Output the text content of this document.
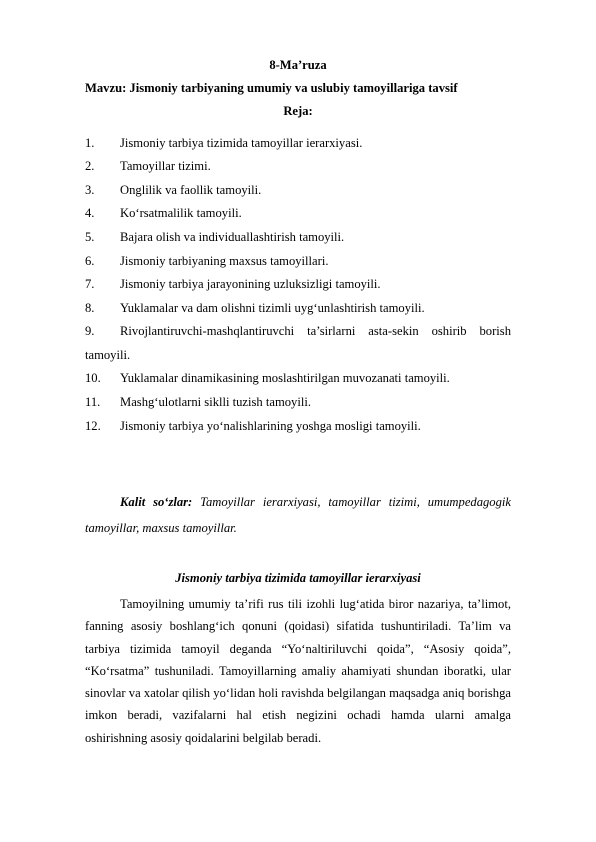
8-Ma’ruza
Mavzu: Jismoniy tarbiyaning umumiy va uslubiy tamoyillariga tavsif
Reja:
1. Jismoniy tarbiya tizimida tamoyillar ierarxiyasi.
2. Tamoyillar tizimi.
3. Onglilik va faollik tamoyili.
4. Ko‘rsatmalilik tamoyili.
5. Bajara olish va individuallashtirish tamoyili.
6. Jismoniy tarbiyaning maxsus tamoyillari.
7. Jismoniy tarbiya jarayonining uzluksizligi tamoyili.
8. Yuklamalar va dam olishni tizimli uyg‘unlashtirish tamoyili.
9. Rivojlantiruvchi-mashqlantiruvchi ta’sirlarni asta-sekin oshirib borish
tamoyili.
10. Yuklamalar dinamikasining moslashtirilgan muvozanati tamoyili.
11. Mashg‘ulotlarni siklli tuzish tamoyili.
12. Jismoniy tarbiya yo‘nalishlarining yoshga mosligi tamoyili.
Kalit so‘zlar: Tamoyillar ierarxiyasi, tamoyillar tizimi, umumpedagogik
tamoyillar, maxsus tamoyillar.
Jismoniy tarbiya tizimida tamoyillar ierarxiyasi
Tamoyilning umumiy ta’rifi rus tili izohli lug‘atida biror nazariya, ta’limot, fanning asosiy boshlang‘ich qonuni (qoidasi) sifatida tushuntiriladi. Ta’lim va tarbiya tizimida tamoyil deganda “Yo‘naltiriluvchi qoida”, “Asosiy qoida”, “Ko‘rsatma” tushuniladi. Tamoyillarning amaliy ahamiyati shundan iboratki, ular sinovlar va xatolar qilish yo‘lidan holi ravishda belgilangan maqsadga aniq borishga imkon beradi, vazifalarni hal etish negizini ochadi hamda ularni amalga oshirishning asosiy qoidalarini belgilab beradi.
